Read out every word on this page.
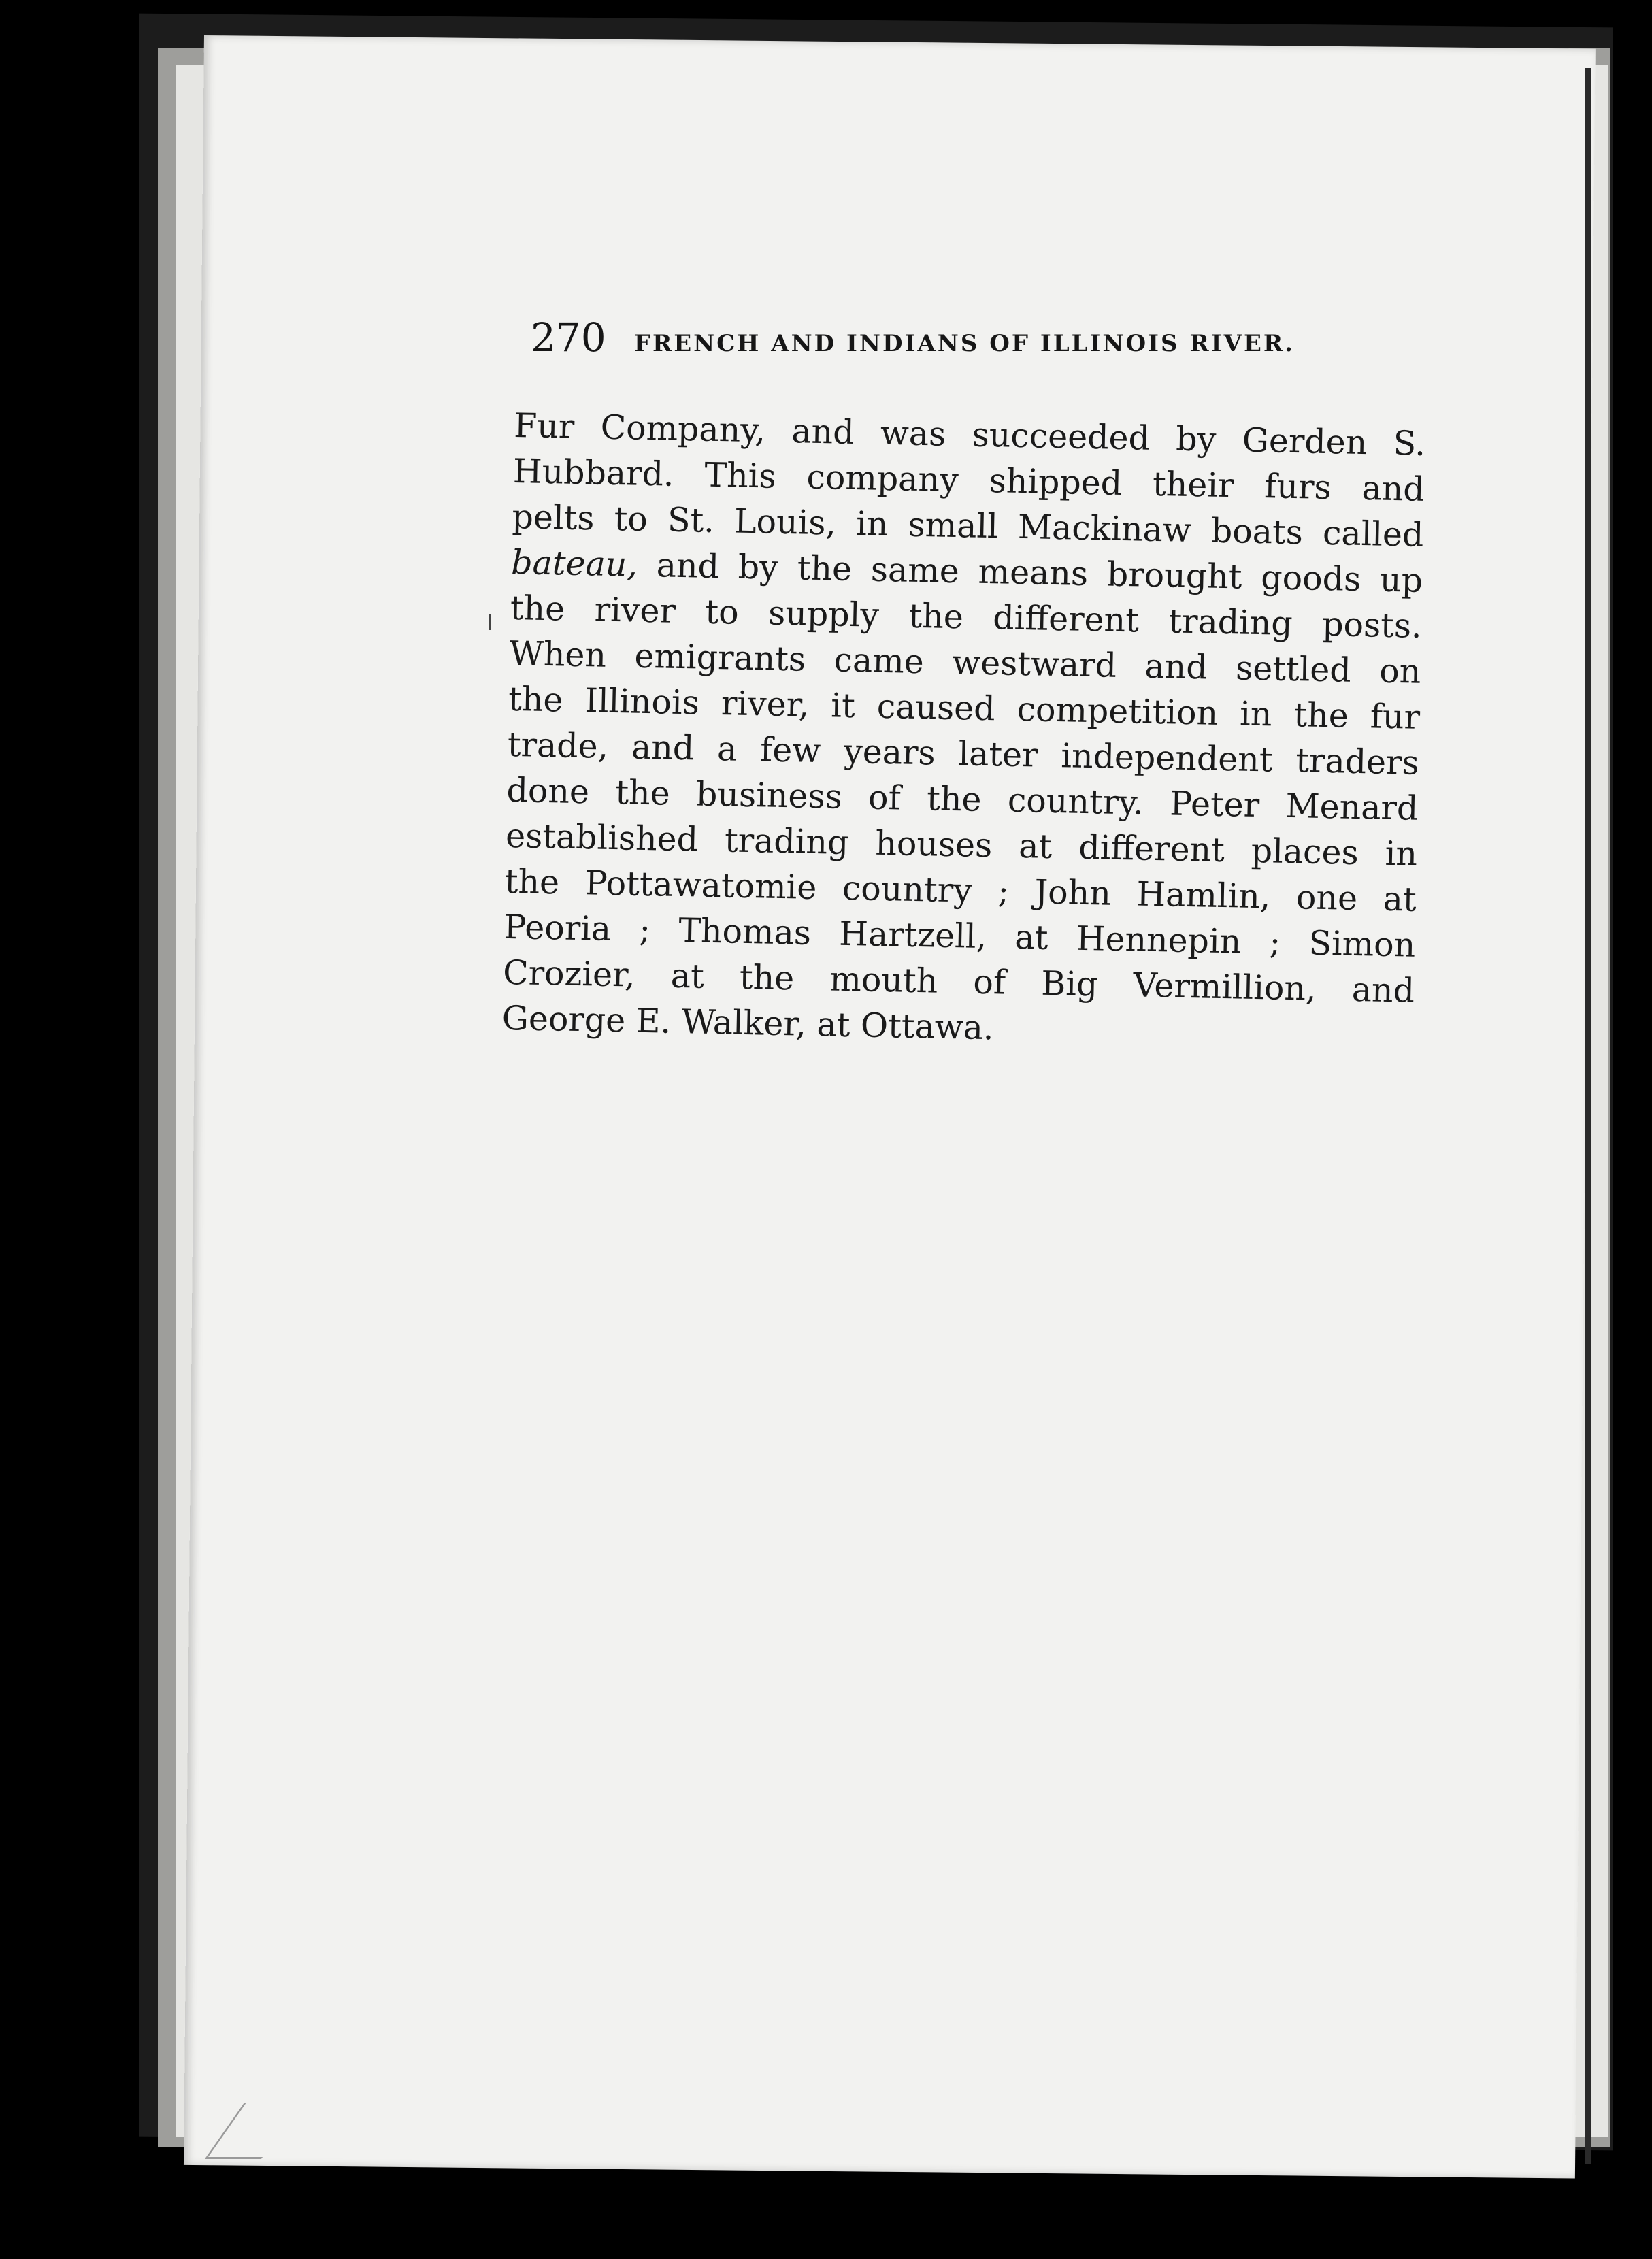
270 FRENCH AND INDIANS OF ILLINOIS RIVER.
Fur Company, and was succeeded by Gerden S.
Hubbard. This company shipped their furs and
pelts to St. Louis, in small Mackinaw boats called
bateau, and by the same means brought goods up
the river to supply the different trading posts.
When emigrants came westward and settled on
the Illinois river, it caused competition in the fur
trade, and a few years later independent traders
done the business of the country. Peter Menard
established trading houses at different places in
the Pottawatomie country ; John Hamlin, one at
Peoria ; Thomas Hartzell, at Hennepin ; Simon
Crozier, at the mouth of Big Vermillion, and
George E. Walker, at Ottawa.
